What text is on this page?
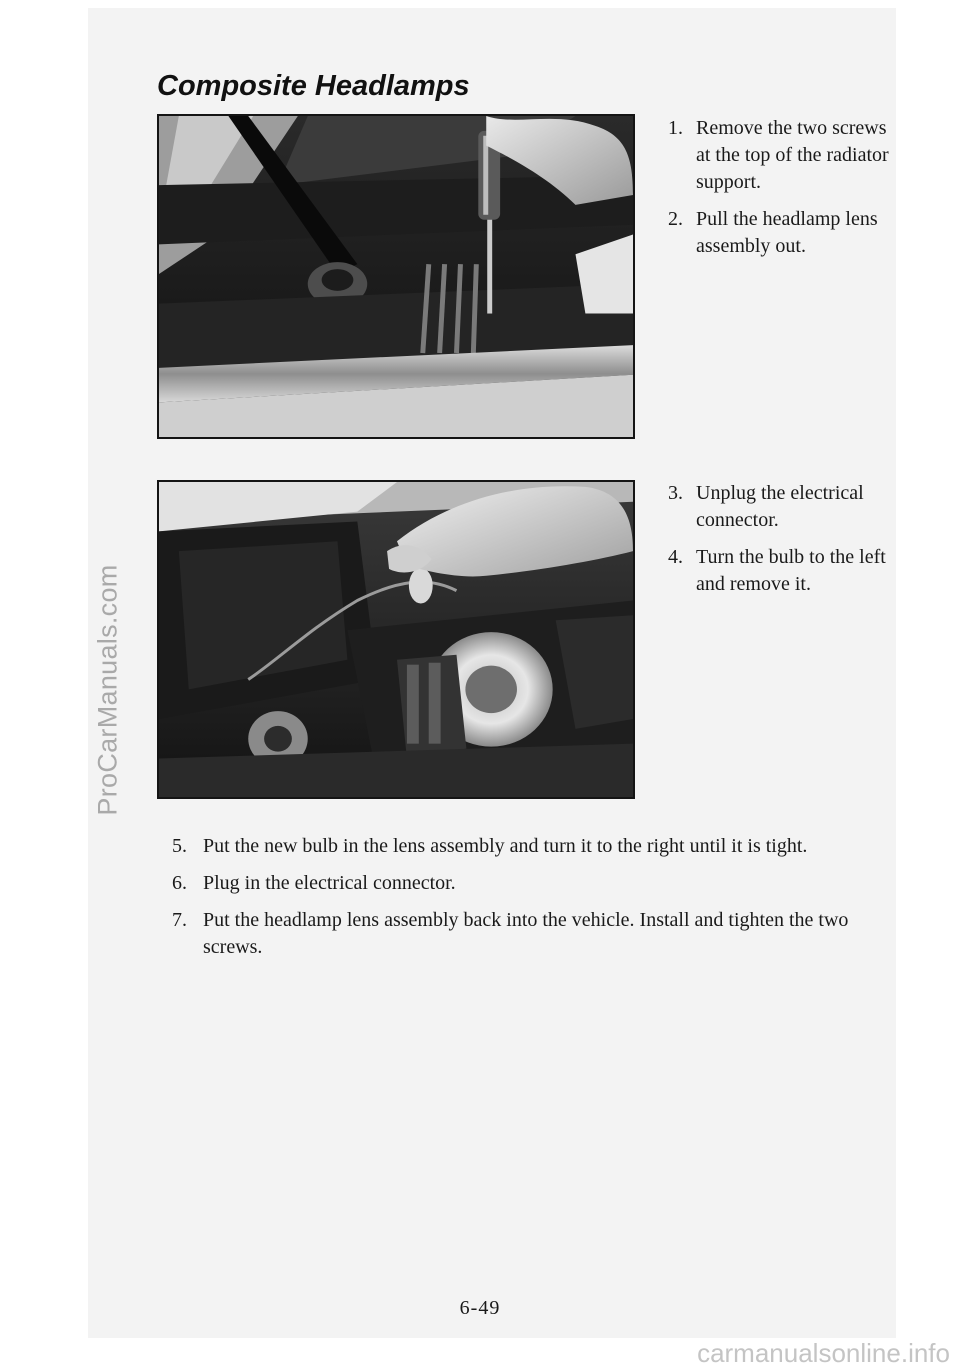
ProCarManuals.com
Composite Headlamps
1. Remove the two screws at the top of the radiator support.
2. Pull the headlamp lens assembly out.
3. Unplug the electrical connector.
4. Turn the bulb to the left and remove it.
5. Put the new bulb in the lens assembly and turn it to the right until it is tight.
6. Plug in the electrical connector.
7. Put the headlamp lens assembly back into the vehicle. Install and tighten the two screws.
6-49
carmanualsonline.info
